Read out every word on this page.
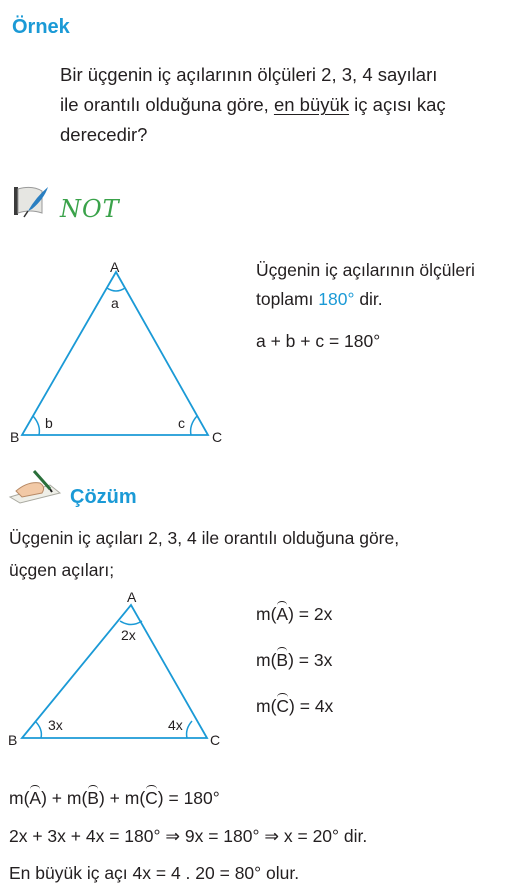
Örnek
Bir üçgenin iç açılarının ölçüleri 2, 3, 4 sayıları
ile orantılı olduğuna göre, en büyük iç açısı kaç
derecedir?
NOT
A
B	C
a
b	c
Üçgenin iç açılarının ölçüleri
toplamı 180° dir.
a + b + c = 180°
Çözüm
Üçgenin iç açıları 2, 3, 4 ile orantılı olduğuna göre,
üçgen açıları;
A
B	C
2x
3x	4x
m(A) = 2x
m(B) = 3x
m(C) = 4x
m(A) + m(B) + m(C) = 180°
2x + 3x + 4x = 180° ⇒ 9x = 180° ⇒ x = 20° dir.
En büyük iç açı 4x = 4 . 20 = 80° olur.
